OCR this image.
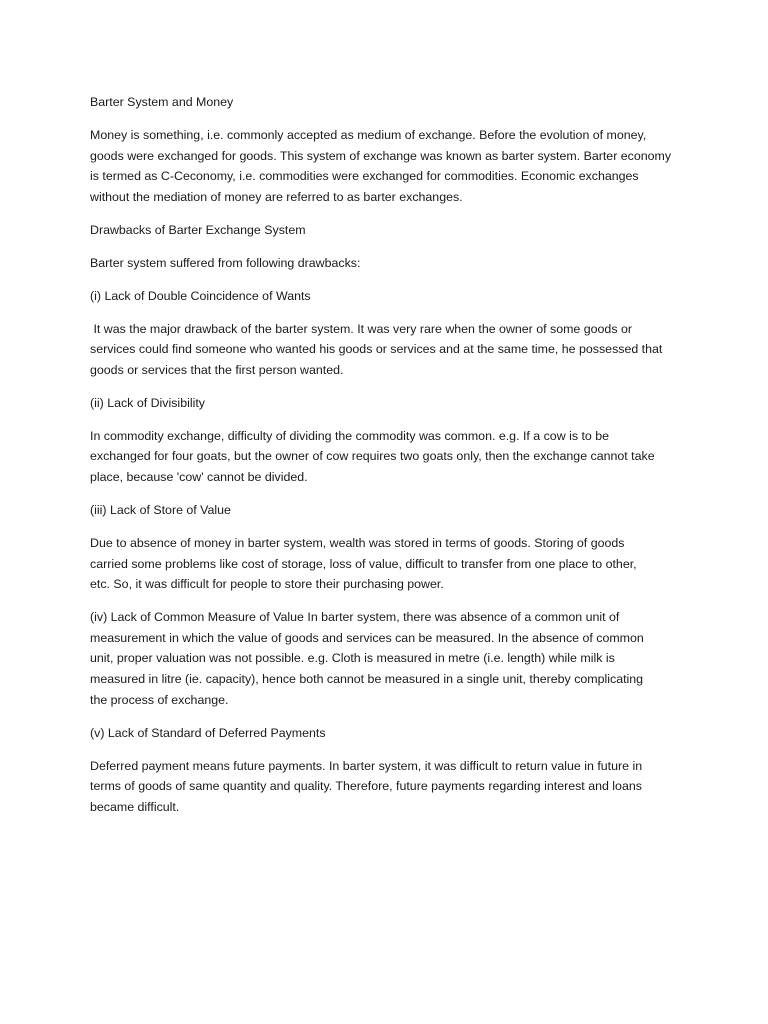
Barter System and Money

Money is something, i.e. commonly accepted as medium of exchange. Before the evolution of money,
goods were exchanged for goods. This system of exchange was known as barter system. Barter economy
is termed as C-Ceconomy, i.e. commodities were exchanged for commodities. Economic exchanges
without the mediation of money are referred to as barter exchanges.

Drawbacks of Barter Exchange System

Barter system suffered from following drawbacks:

(i) Lack of Double Coincidence of Wants

It was the major drawback of the barter system. It was very rare when the owner of some goods or
services could find someone who wanted his goods or services and at the same time, he possessed that
goods or services that the first person wanted.

(ii) Lack of Divisibility

In commodity exchange, difficulty of dividing the commodity was common. e.g. If a cow is to be
exchanged for four goats, but the owner of cow requires two goats only, then the exchange cannot take
place, because 'cow' cannot be divided.

(iii) Lack of Store of Value

Due to absence of money in barter system, wealth was stored in terms of goods. Storing of goods
carried some problems like cost of storage, loss of value, difficult to transfer from one place to other,
etc. So, it was difficult for people to store their purchasing power.

(iv) Lack of Common Measure of Value In barter system, there was absence of a common unit of
measurement in which the value of goods and services can be measured. In the absence of common
unit, proper valuation was not possible. e.g. Cloth is measured in metre (i.e. length) while milk is
measured in litre (ie. capacity), hence both cannot be measured in a single unit, thereby complicating
the process of exchange.

(v) Lack of Standard of Deferred Payments

Deferred payment means future payments. In barter system, it was difficult to return value in future in
terms of goods of same quantity and quality. Therefore, future payments regarding interest and loans
became difficult.
